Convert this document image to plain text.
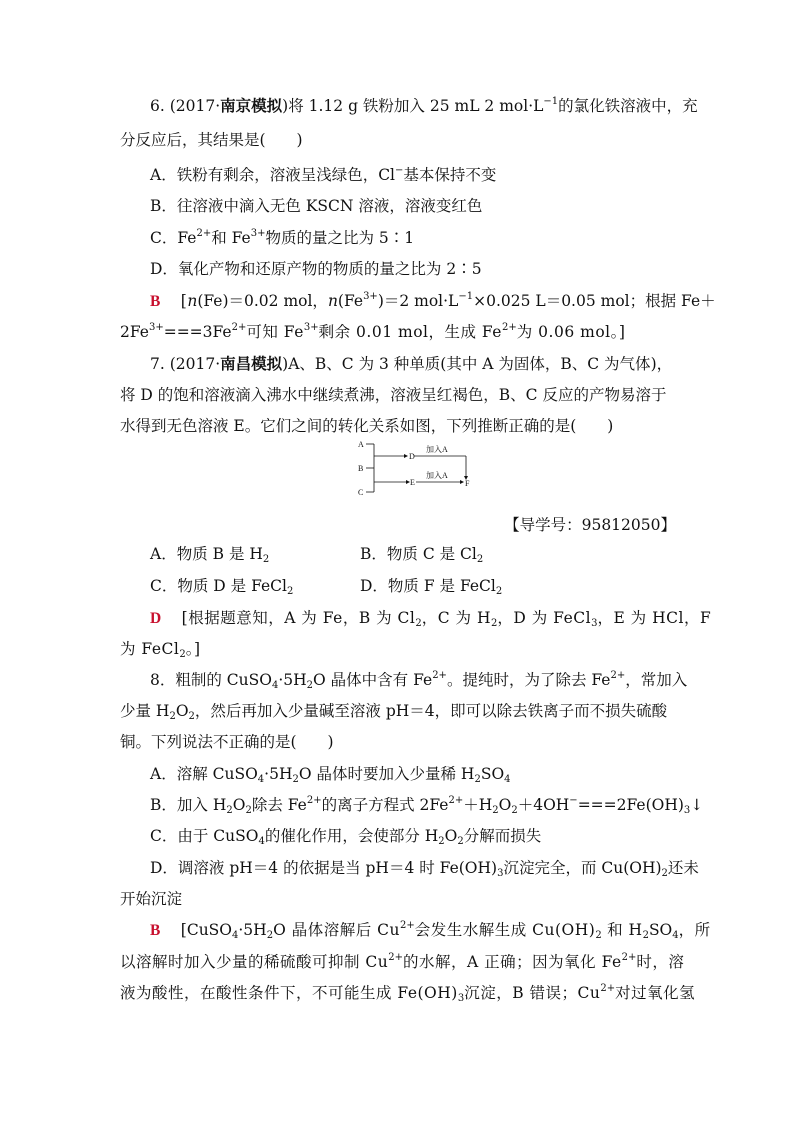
6. (2017·南京模拟)将 1.12 g 铁粉加入 25 mL 2 $mol\cdot L^{-1}$的氯化铁溶液中，充
分反应后，其结果是(　　)
A．铁粉有剩余，溶液呈浅绿色，Cl−基本保持不变
B．往溶液中滴入无色 KSCN 溶液，溶液变红色
C．$Fe^{2+}$和 $Fe^{3+}$物质的量之比为 5∶1
D．氧化产物和还原产物的物质的量之比为 2∶5
B　 [n(Fe)＝0.02 mol，$n(Fe^{3+})=2$ $mol\cdot L^{-1}\times 0.025$ L＝0.05 mol；根据 Fe＋
$2Fe^{3+}===3Fe^{2+}$可知 $Fe^{3+}$剩余 0.01 mol，生成 $Fe^{2+}$为 0.06 mol。]
7. (2017·南昌模拟)A、B、C 为 3 种单质(其中 A 为固体，B、C 为气体)，
将 D 的饱和溶液滴入沸水中继续煮沸，溶液呈红褐色，B、C 反应的产物易溶于
水得到无色溶液 E。它们之间的转化关系如图，下列推断正确的是(　　)
A
B
C
D
E	F
加入A
加入A
【导学号：95812050】
A．物质 B 是 $H_2$	B．物质 C 是 $Cl_2$
C．物质 D 是 FeCl$_2$	D．物质 F 是 FeCl$_2$
D　 [根据题意知，A 为 Fe，B 为 $Cl_2$，C 为 $H_2$，D 为 FeCl$_3$，E 为 HCl，F
为 FeCl$_2$。]
8．粗制的 $CuSO_4\cdot 5H_2O$ 晶体中含有 $Fe^{2+}$。提纯时，为了除去 $Fe^{2+}$，常加入
少量 $H_2O_2$，然后再加入少量碱至溶液 pH＝4，即可以除去铁离子而不损失硫酸
铜。下列说法不正确的是(　　)
A．溶解 $CuSO_4\cdot 5H_2O$ 晶体时要加入少量稀 $H_2SO_4$
B．加入 $H_2O_2$除去 $Fe^{2+}$的离子方程式 $2Fe^{2+}+H_2O_2+4OH^-===2Fe(OH)_3↓$
C．由于 CuSO$_4$的催化作用，会使部分 $H_2O_2$分解而损失
D．调溶液 pH＝4 的依据是当 pH＝4 时 $Fe(OH)_3$沉淀完全，而 $Cu(OH)_2$还未
开始沉淀
B　 [$CuSO_4\cdot 5H_2O$ 晶体溶解后 $Cu^{2+}$会发生水解生成 $Cu(OH)_2$ 和 $H_2SO_4$，所
以溶解时加入少量的稀硫酸可抑制 $Cu^{2+}$的水解，A 正确；因为氧化 $Fe^{2+}$时，溶
液为酸性，在酸性条件下，不可能生成 $Fe(OH)_3$沉淀，B 错误；$Cu^{2+}$对过氧化氢
